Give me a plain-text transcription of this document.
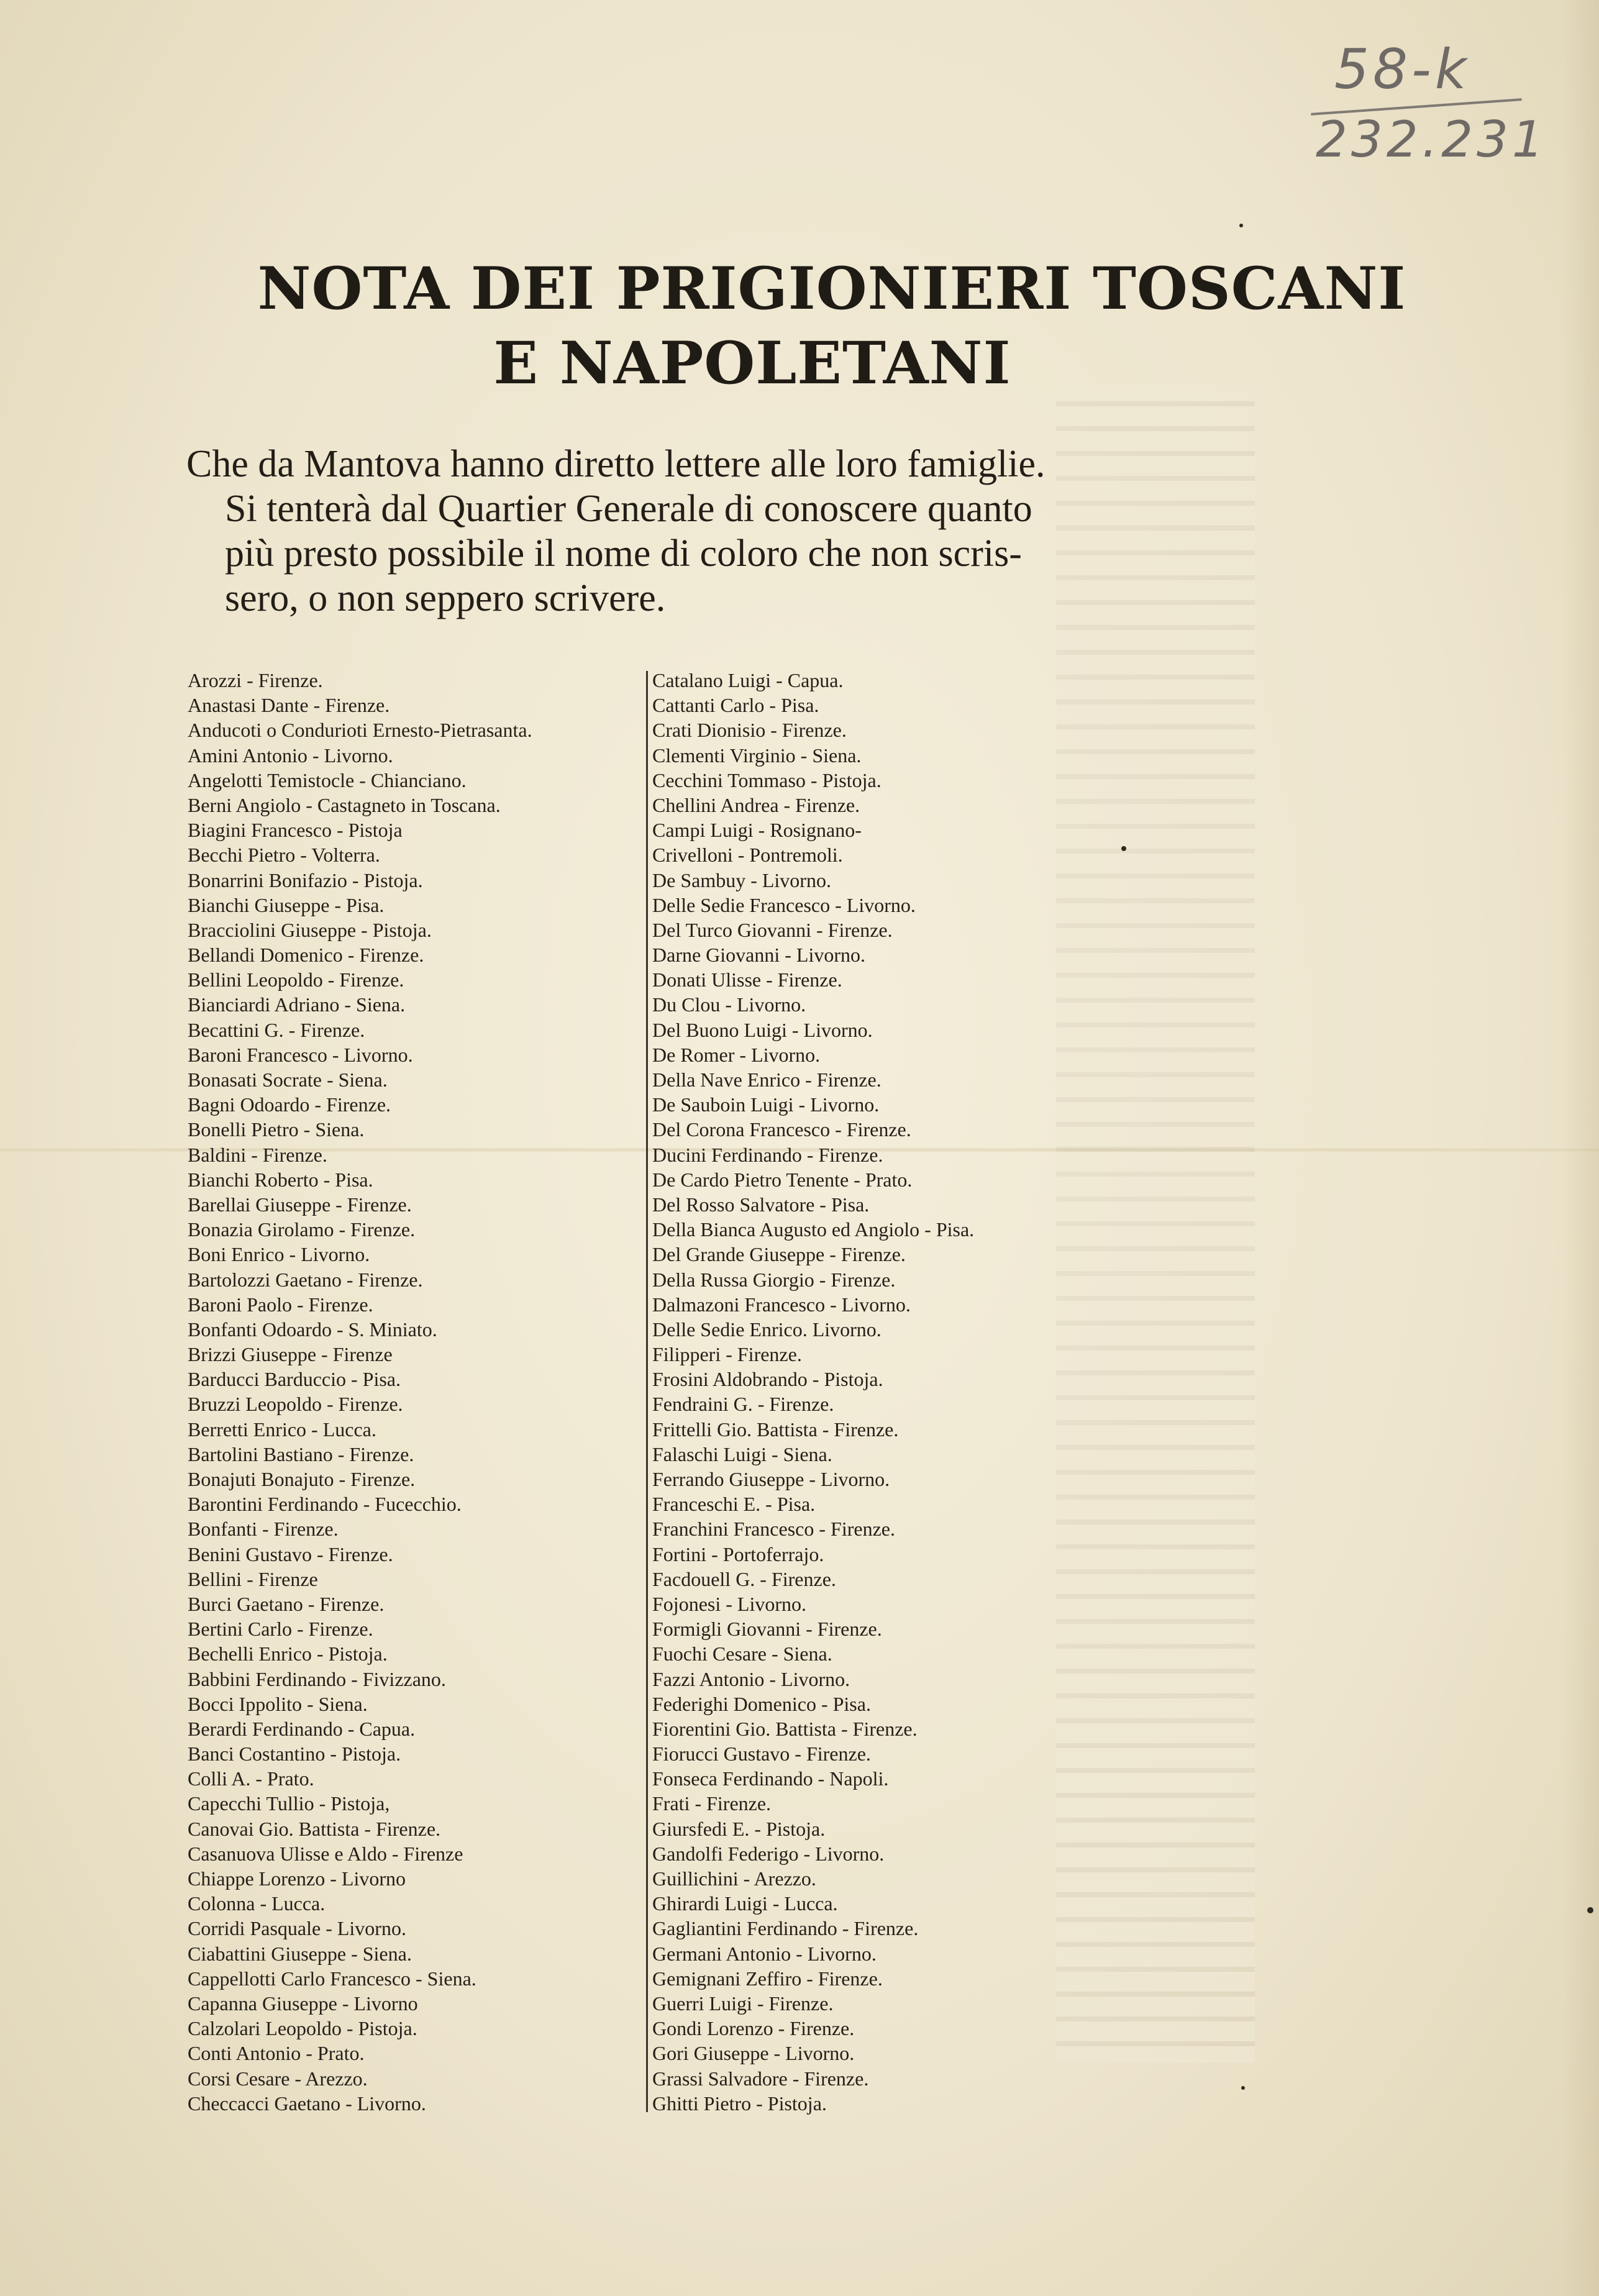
58-k
232.231
NOTA DEI PRIGIONIERI TOSCANI
E NAPOLETANI
Che da Mantova hanno diretto lettere alle loro famiglie.
Si tenterà dal Quartier Generale di conoscere quanto
più presto possibile il nome di coloro che non scris-
sero, o non seppero scrivere.
Arozzi - Firenze.
Anastasi Dante - Firenze.
Anducoti o Condurioti Ernesto-Pietrasanta.
Amini Antonio - Livorno.
Angelotti Temistocle - Chianciano.
Berni Angiolo - Castagneto in Toscana.
Biagini Francesco - Pistoja
Becchi Pietro - Volterra.
Bonarrini Bonifazio - Pistoja.
Bianchi Giuseppe - Pisa.
Bracciolini Giuseppe - Pistoja.
Bellandi Domenico - Firenze.
Bellini Leopoldo - Firenze.
Bianciardi Adriano - Siena.
Becattini G. - Firenze.
Baroni Francesco - Livorno.
Bonasati Socrate - Siena.
Bagni Odoardo - Firenze.
Bonelli Pietro - Siena.
Baldini - Firenze.
Bianchi Roberto - Pisa.
Barellai Giuseppe - Firenze.
Bonazia Girolamo - Firenze.
Boni Enrico - Livorno.
Bartolozzi Gaetano - Firenze.
Baroni Paolo - Firenze.
Bonfanti Odoardo - S. Miniato.
Brizzi Giuseppe - Firenze
Barducci Barduccio - Pisa.
Bruzzi Leopoldo - Firenze.
Berretti Enrico - Lucca.
Bartolini Bastiano - Firenze.
Bonajuti Bonajuto - Firenze.
Barontini Ferdinando - Fucecchio.
Bonfanti - Firenze.
Benini Gustavo - Firenze.
Bellini - Firenze
Burci Gaetano - Firenze.
Bertini Carlo - Firenze.
Bechelli Enrico - Pistoja.
Babbini Ferdinando - Fivizzano.
Bocci Ippolito - Siena.
Berardi Ferdinando - Capua.
Banci Costantino - Pistoja.
Colli A. - Prato.
Capecchi Tullio - Pistoja,
Canovai Gio. Battista - Firenze.
Casanuova Ulisse e Aldo - Firenze
Chiappe Lorenzo - Livorno
Colonna - Lucca.
Corridi Pasquale - Livorno.
Ciabattini Giuseppe - Siena.
Cappellotti Carlo Francesco - Siena.
Capanna Giuseppe - Livorno
Calzolari Leopoldo - Pistoja.
Conti Antonio - Prato.
Corsi Cesare - Arezzo.
Checcacci Gaetano - Livorno.
Catalano Luigi - Capua.
Cattanti Carlo - Pisa.
Crati Dionisio - Firenze.
Clementi Virginio - Siena.
Cecchini Tommaso - Pistoja.
Chellini Andrea - Firenze.
Campi Luigi - Rosignano-
Crivelloni - Pontremoli.
De Sambuy - Livorno.
Delle Sedie Francesco - Livorno.
Del Turco Giovanni - Firenze.
Darne Giovanni - Livorno.
Donati Ulisse - Firenze.
Du Clou - Livorno.
Del Buono Luigi - Livorno.
De Romer - Livorno.
Della Nave Enrico - Firenze.
De Sauboin Luigi - Livorno.
Del Corona Francesco - Firenze.
Ducini Ferdinando - Firenze.
De Cardo Pietro Tenente - Prato.
Del Rosso Salvatore - Pisa.
Della Bianca Augusto ed Angiolo - Pisa.
Del Grande Giuseppe - Firenze.
Della Russa Giorgio - Firenze.
Dalmazoni Francesco - Livorno.
Delle Sedie Enrico. Livorno.
Filipperi - Firenze.
Frosini Aldobrando - Pistoja.
Fendraini G. - Firenze.
Frittelli Gio. Battista - Firenze.
Falaschi Luigi - Siena.
Ferrando Giuseppe - Livorno.
Franceschi E. - Pisa.
Franchini Francesco - Firenze.
Fortini - Portoferrajo.
Facdouell G. - Firenze.
Fojonesi - Livorno.
Formigli Giovanni - Firenze.
Fuochi Cesare - Siena.
Fazzi Antonio - Livorno.
Federighi Domenico - Pisa.
Fiorentini Gio. Battista - Firenze.
Fiorucci Gustavo - Firenze.
Fonseca Ferdinando - Napoli.
Frati - Firenze.
Giursfedi E. - Pistoja.
Gandolfi Federigo - Livorno.
Guillichini - Arezzo.
Ghirardi Luigi - Lucca.
Gagliantini Ferdinando - Firenze.
Germani Antonio - Livorno.
Gemignani Zeffiro - Firenze.
Guerri Luigi - Firenze.
Gondi Lorenzo - Firenze.
Gori Giuseppe - Livorno.
Grassi Salvadore - Firenze.
Ghitti Pietro - Pistoja.
